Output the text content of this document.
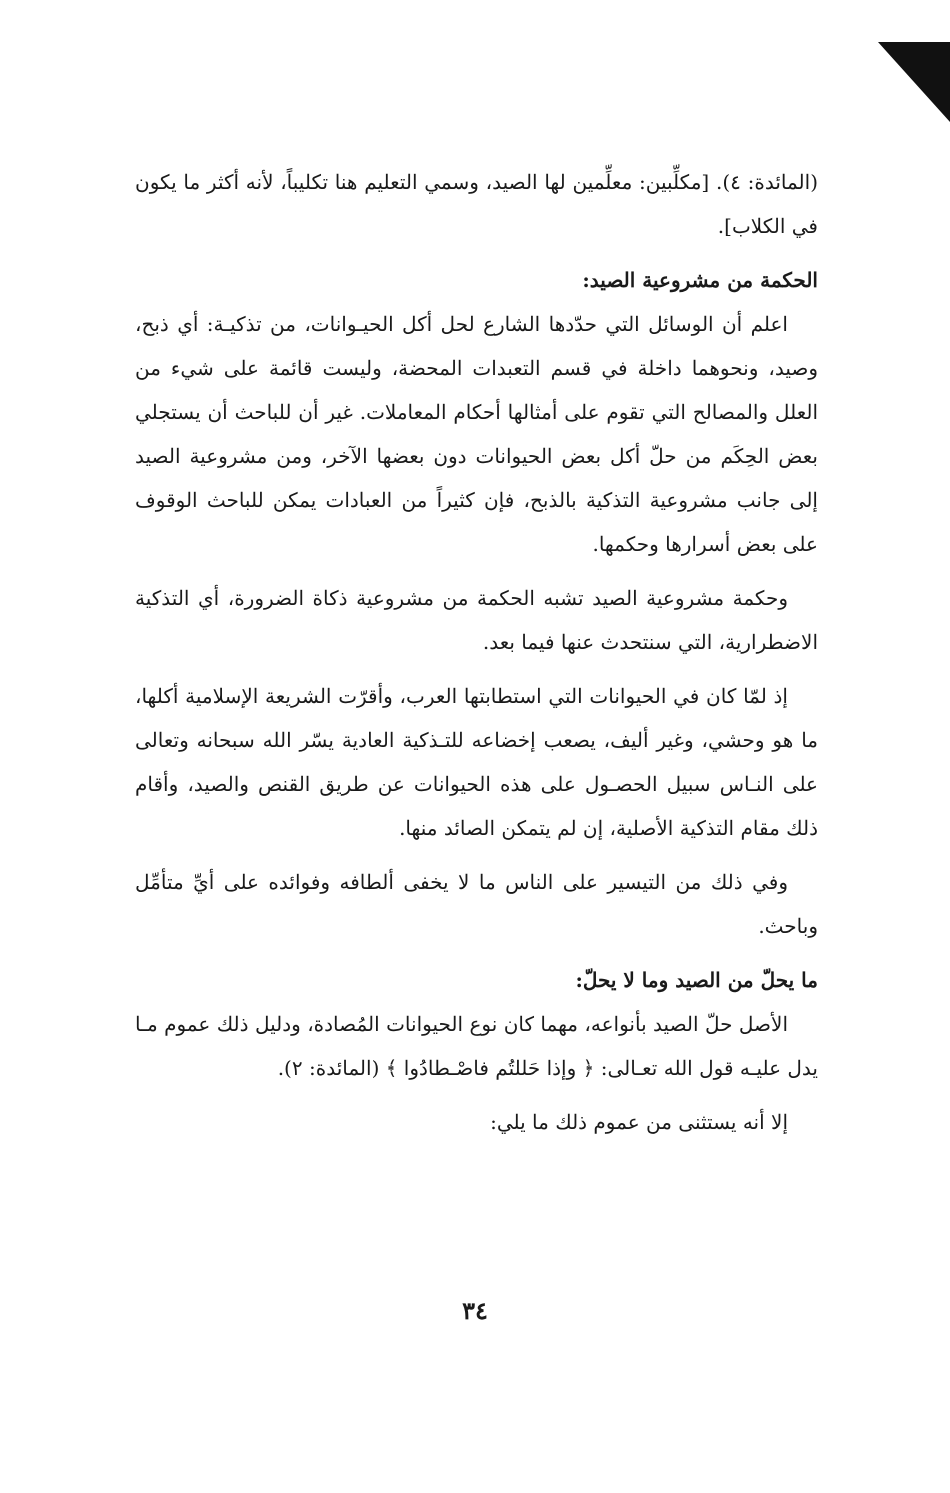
(المائدة: ٤). [مكلِّبين: معلِّمين لها الصيد، وسمي التعليم هنا تكليباً، لأنه أكثر ما يكون في الكلاب].

الحكمة من مشروعية الصيد:

اعلم أن الوسائل التي حدّدها الشارع لحل أكل الحيـوانات، من تذكيـة: أي ذبح، وصيد، ونحوهما داخلة في قسم التعبدات المحضة، وليست قائمة على شيء من العلل والمصالح التي تقوم على أمثالها أحكام المعاملات. غير أن للباحث أن يستجلي بعض الحِكَم من حلّ أكل بعض الحيوانات دون بعضها الآخر، ومن مشروعية الصيد إلى جانب مشروعية التذكية بالذبح، فإن كثيراً من العبادات يمكن للباحث الوقوف على بعض أسرارها وحكمها.

وحكمة مشروعية الصيد تشبه الحكمة من مشروعية ذكاة الضرورة، أي التذكية الاضطرارية، التي سنتحدث عنها فيما بعد.

إذ لمّا كان في الحيوانات التي استطابتها العرب، وأقرّت الشريعة الإسلامية أكلها، ما هو وحشي، وغير أليف، يصعب إخضاعه للتـذكية العادية يسّر الله سبحانه وتعالى على النـاس سبيل الحصـول على هذه الحيوانات عن طريق القنص والصيد، وأقام ذلك مقام التذكية الأصلية، إن لم يتمكن الصائد منها.

وفي ذلك من التيسير على الناس ما لا يخفى ألطافه وفوائده على أيِّ متأمِّل وباحث.

ما يحلّ من الصيد وما لا يحلّ:

الأصل حلّ الصيد بأنواعه، مهما كان نوع الحيوانات المُصادة، ودليل ذلك عموم مـا يدل عليـه قول الله تعـالى: ﴿ وإذا حَللتُم فاصْـطادُوا ﴾ (المائدة: ٢).

إلا أنه يستثنى من عموم ذلك ما يلي:

٣٤
